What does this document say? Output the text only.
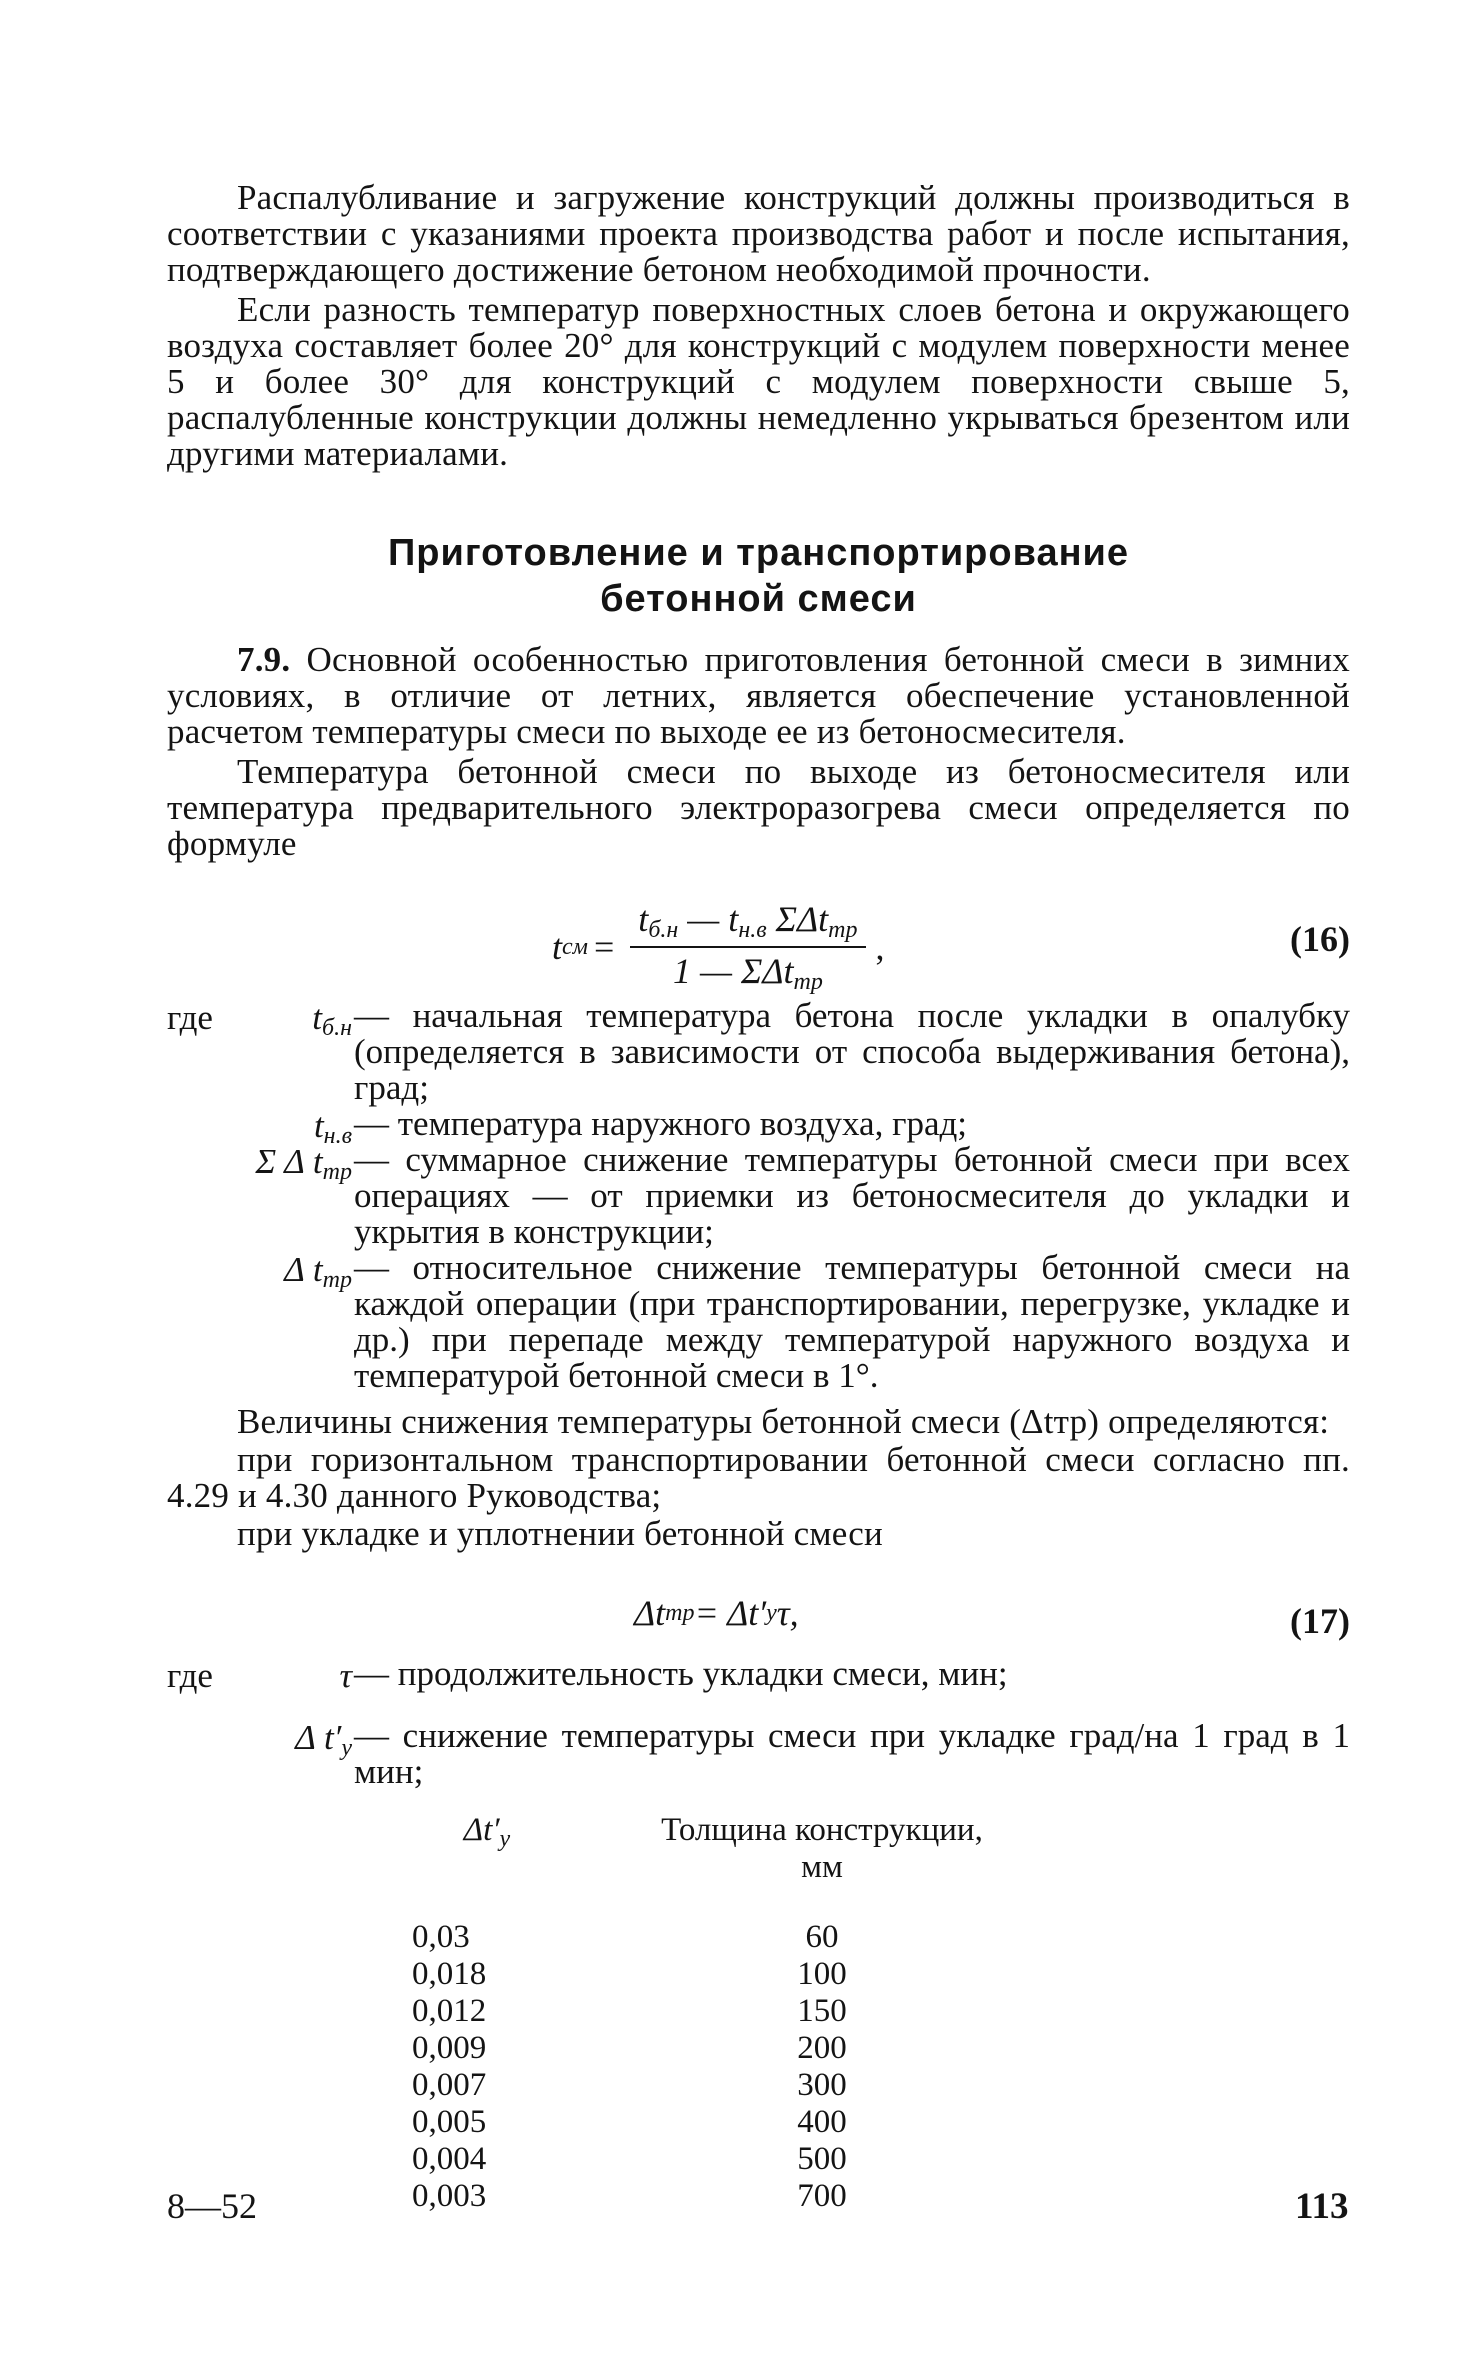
Распалубливание и загружение конструкций должны производиться в соответствии с указаниями проекта производства работ и после испытания, подтверждающего достижение бетоном необходимой прочности.

Если разность температур поверхностных слоев бетона и окружающего воздуха составляет более 20° для конструкций с модулем поверхности менее 5 и более 30° для конструкций с модулем поверхности свыше 5, распалубленные конструкции должны немедленно укрываться брезентом или другими материалами.

Приготовление и транспортирование
бетонной смеси

7.9. Основной особенностью приготовления бетонной смеси в зимних условиях, в отличие от летних, является обеспечение установленной расчетом температуры смеси по выходе ее из бетоносмесителя.

Температура бетонной смеси по выходе из бетоносмесителя или температура предварительного электроразогрева смеси определяется по формуле

t см = $\frac{t_{б.н} — t_{н.в} \Sigma\Delta t_{тр}}{1 — \Sigma\Delta t_{тр}}$ ,	(16)
где	$t_{б.н}$ — начальная температура бетона после укладки в опалубку (определяется в зависимости от способа выдерживания бетона), град;
$t_{н.в}$ — температура наружного воздуха, град;
Σ Δ $t_{тр}$ — суммарное снижение температуры бетонной смеси при всех операциях — от приемки из бетоносмесителя до укладки и укрытия в конструкции;
Δ $t_{тр}$ — относительное снижение температуры бетонной смеси на каждой операции (при транспортировании, перегрузке, укладке и др.) при перепаде между температурой наружного воздуха и температурой бетонной смеси в 1°.

Величины снижения температуры бетонной смеси (Δtтр) определяются:

при горизонтальном транспортировании бетонной смеси согласно пп. 4.29 и 4.30 данного Руководства;

при укладке и уплотнении бетонной смеси

Δt тр = Δt′ у τ,	(17)
где	τ — продолжительность укладки смеси, мин;
Δ $t'_у$ — снижение температуры смеси при укладке град/на 1 град в 1 мин;
$\Delta t'_у$	Толщина конструкции,
мм
0,03	60
0,018	100
0,012	150
0,009	200
0,007	300
0,005	400
0,004	500
0,003	700
8—52	113
